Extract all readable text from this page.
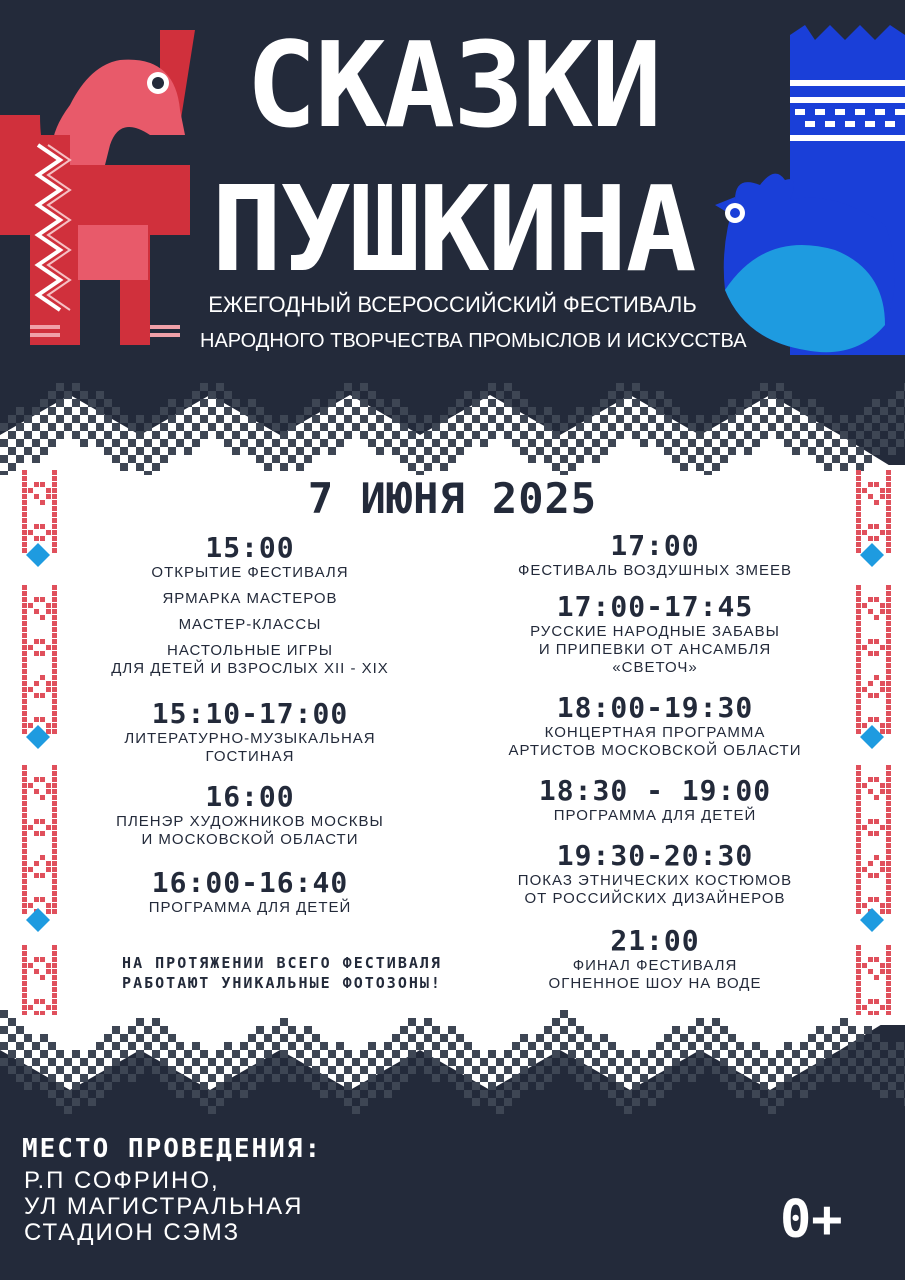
СКАЗКИ
ПУШКИНА
ЕЖЕГОДНЫЙ ВСЕРОССИЙСКИЙ ФЕСТИВАЛЬ
НАРОДНОГО ТВОРЧЕСТВА ПРОМЫСЛОВ И ИСКУССТВА
7 ИЮНЯ 2025
15:00
ОТКРЫТИЕ ФЕСТИВАЛЯ
ЯРМАРКА МАСТЕРОВ
МАСТЕР-КЛАССЫ
НАСТОЛЬНЫЕ ИГРЫ
ДЛЯ ДЕТЕЙ И ВЗРОСЛЫХ XII - XIX
15:10-17:00
ЛИТЕРАТУРНО-МУЗЫКАЛЬНАЯ
ГОСТИНАЯ
16:00
ПЛЕНЭР ХУДОЖНИКОВ МОСКВЫ
И МОСКОВСКОЙ ОБЛАСТИ
16:00-16:40
ПРОГРАММА ДЛЯ ДЕТЕЙ
17:00
ФЕСТИВАЛЬ ВОЗДУШНЫХ ЗМЕЕВ
17:00-17:45
РУССКИЕ НАРОДНЫЕ ЗАБАВЫ
И ПРИПЕВКИ ОТ АНСАМБЛЯ
«СВЕТОЧ»
18:00-19:30
КОНЦЕРТНАЯ ПРОГРАММА
АРТИСТОВ МОСКОВСКОЙ ОБЛАСТИ
18:30 - 19:00
ПРОГРАММА ДЛЯ ДЕТЕЙ
19:30-20:30
ПОКАЗ ЭТНИЧЕСКИХ КОСТЮМОВ
ОТ РОССИЙСКИХ ДИЗАЙНЕРОВ
21:00
ФИНАЛ ФЕСТИВАЛЯ
ОГНЕННОЕ ШОУ НА ВОДЕ
НА ПРОТЯЖЕНИИ ВСЕГО ФЕСТИВАЛЯ
РАБОТАЮТ УНИКАЛЬНЫЕ ФОТОЗОНЫ!
МЕСТО ПРОВЕДЕНИЯ:
Р.П СОФРИНО,
УЛ МАГИСТРАЛЬНАЯ
СТАДИОН СЭМЗ	0+
